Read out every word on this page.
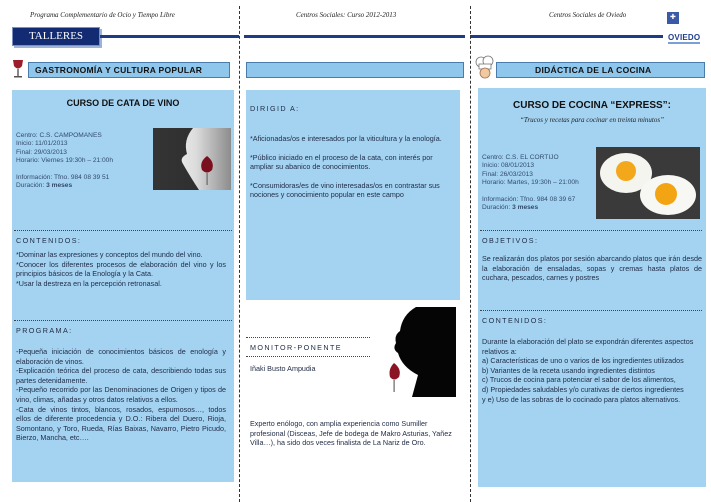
Programa Complementario de Ocio y Tiempo Libre	Centros Sociales: Curso 2012-2013	Centros Sociales de Oviedo	✚
OVIEDO
TALLERES
GASTRONOMÍA Y CULTURA POPULAR
CURSO DE CATA DE VINO
Centro: C.S. CAMPOMANES
Inicio: 11/01/2013
Final: 29/03/2013
Horario: Viernes 19:30h – 21:00h
Información: Tfno. 984 08 39 51
Duración: 3 meses
CONTENIDOS:
*Dominar las expresiones y conceptos del mundo del vino.
*Conocer los diferentes procesos de elaboración del vino y los principios básicos de la Enología y la Cata.
*Usar la destreza en la percepción retronasal.
PROGRAMA:
-Pequeña iniciación de conocimientos básicos de enología y elaboración de vinos.
-Explicación teórica del proceso de cata, describiendo todas sus partes detenidamente.
-Pequeño recorrido por las Denominaciones de Origen y tipos de vino, climas, añadas y otros datos relativos a ellos.
-Cata de vinos tintos, blancos, rosados, espumosos…, todos ellos de diferente procedencia y D.O.: Ribera del Duero, Rioja, Somontano, y Toro, Rueda, Rías Baixas, Navarro, Pietro Picudo, Bierzo, Mancha, etc….
DIRIGID A:
*Aficionadas/os e interesados por la viticultura y la enología.
*Público iniciado en el proceso de la cata, con interés por ampliar su abanico de conocimientos.
*Consumidoras/es de vino interesadas/os en contrastar sus nociones y conocimiento popular en este campo
MONITOR-PONENTE
Iñaki Busto Ampudia
Experto enólogo, con amplia experiencia como Sumiller profesional (Disceas, Jefe de bodega de Makro Asturias, Yañez Villa…), ha sido dos veces finalista de La Nariz de Oro.
DIDÁCTICA DE LA COCINA
CURSO DE COCINA “EXPRESS”:
“Trucos y recetas para cocinar en treinta minutos”
Centro: C.S. EL CORTIJO
Inicio: 08/01/2013
Final: 26/03/2013
Horario: Martes, 19:30h – 21:00h
Información: Tfno. 984 08 39 67
Duración: 3 meses
OBJETIVOS:
Se realizarán dos platos por sesión abarcando platos que irán desde la elaboración de ensaladas, sopas y cremas hasta platos de cuchara, pescados, carnes y postres
CONTENIDOS:
Durante la elaboración del plato se expondrán diferentes aspectos relativos a:
a) Características de uno o varios de los ingredientes utilizados
b) Variantes de la receta usando ingredientes distintos
c) Trucos de cocina para potenciar el sabor de los alimentos,
d) Propiedades saludables y/o curativas de ciertos ingredientes
y e) Uso de las sobras de lo cocinado para platos alternativos.
